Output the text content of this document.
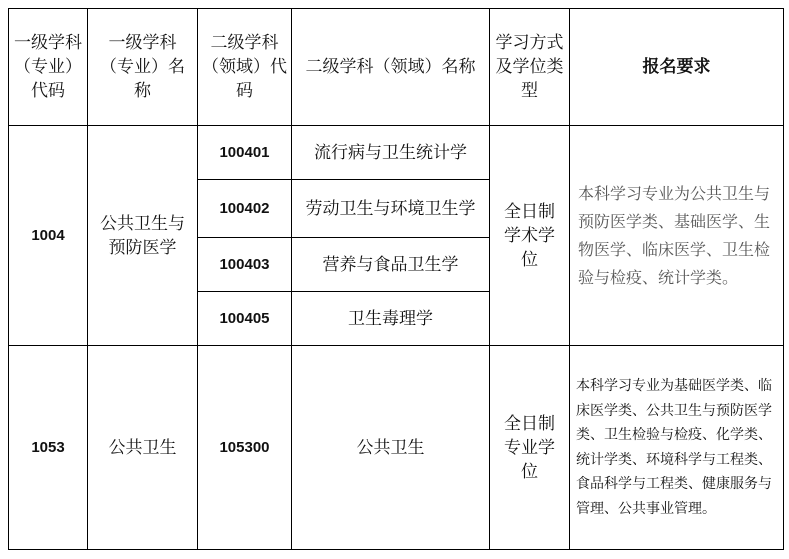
一级学科（专业）代码	一级学科（专业）名称	二级学科（领域）代码	二级学科（领域）名称	学习方式及学位类型	报名要求
1004	公共卫生与预防医学	100401	流行病与卫生统计学	全日制学术学位	本科学习专业为公共卫生与预防医学类、基础医学、生物医学、临床医学、卫生检验与检疫、统计学类。
		100402	劳动卫生与环境卫生学		
		100403	营养与食品卫生学		
		100405	卫生毒理学		
1053	公共卫生	105300	公共卫生	全日制专业学位	本科学习专业为基础医学类、临床医学类、公共卫生与预防医学类、卫生检验与检疫、化学类、统计学类、环境科学与工程类、食品科学与工程类、健康服务与管理、公共事业管理。
